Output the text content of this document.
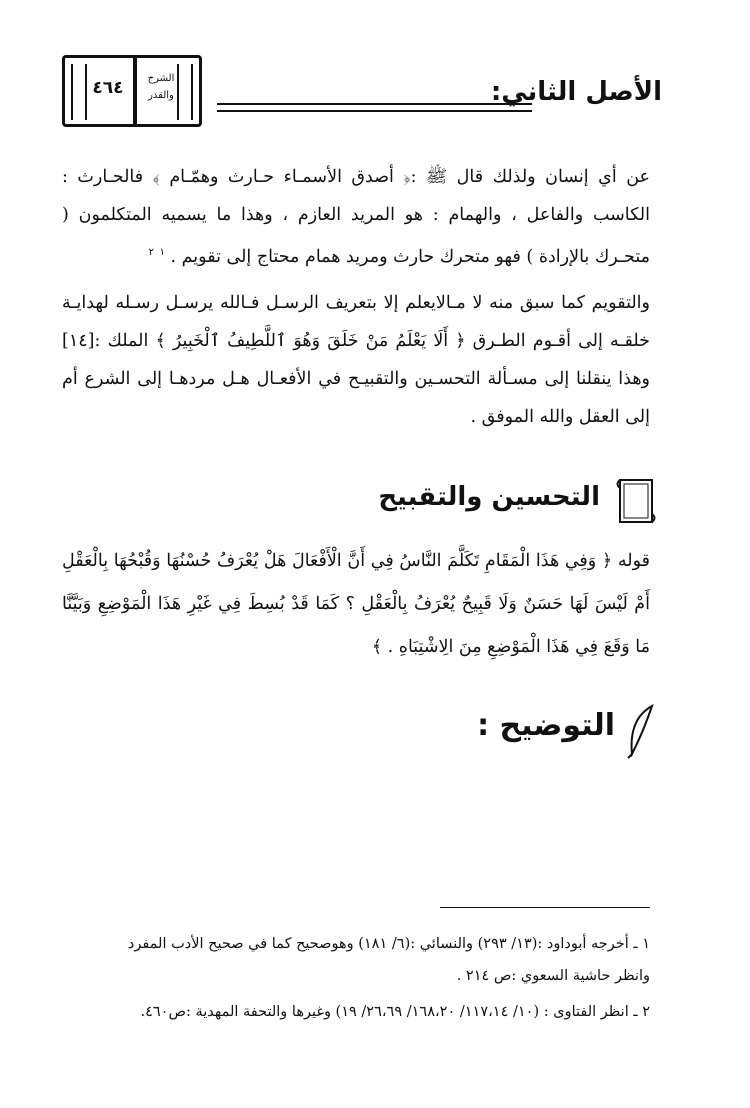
٤٦٤	الشرح
والقدر	الأصل الثاني:
عن أي إنسان ولذلك قال ﷺ :﴿ أصدق الأسمـاء حـارث وهمّـام ﴾ فالحـارث : الكاسب والفاعل ، والهمام : هو المريد العازم ، وهذا ما يسميه المتكلمون ( متحـرك بالإرادة ) فهو متحرك حارث ومريد همام محتاج إلى تقويم . $^١$ $^٢$
والتقويم كما سبق منه لا مـالايعلم إلا بتعريف الرسـل فـالله يرسـل رسـله لهدايـة خلقـه إلى أقـوم الطـرق ﴿ أَلَا يَعْلَمُ مَنْ خَلَقَ وَهُوَ ٱللَّطِيفُ ٱلْخَبِيرُ ﴾ الملك :[١٤] وهذا ينقلنا إلى مسـألة التحسـين والتقبيـح في الأفعـال هـل مردهـا إلى الشرع أم إلى العقل والله الموفق .
التحسين والتقبيح
قوله ﴿ وَفِي هَذَا الْمَقَامِ تَكَلَّمَ النَّاسُ فِي أَنَّ الْأَفْعَالَ هَلْ يُعْرَفُ حُسْنُهَا وَقُبْحُهَا بِالْعَقْلِ أَمْ لَيْسَ لَهَا حَسَنٌ وَلَا قَبِيحٌ يُعْرَفُ بِالْعَقْلِ ؟ كَمَا قَدْ بُسِطَ فِي غَيْرِ هَذَا الْمَوْضِعِ وَبَيَّنَّا مَا وَقَعَ فِي هَذَا الْمَوْضِعِ مِنَ الِاشْتِبَاهِ . ﴾
التوضيح :

١ ـ أخرجه أبوداود :(١٣/ ٢٩٣) والنسائي :(٦/ ١٨١) وهوصحيح كما في صحيح الأدب المفرد

وانظر حاشية السعوي :ص ٢١٤ .

٢ ـ انظر الفتاوى : (١٠/ ١١٧،١٤/ ١٦٨،٢٠/ ٢٦،٦٩/ ١٩) وغيرها والتحفة المهدية :ص٤٦٠.
